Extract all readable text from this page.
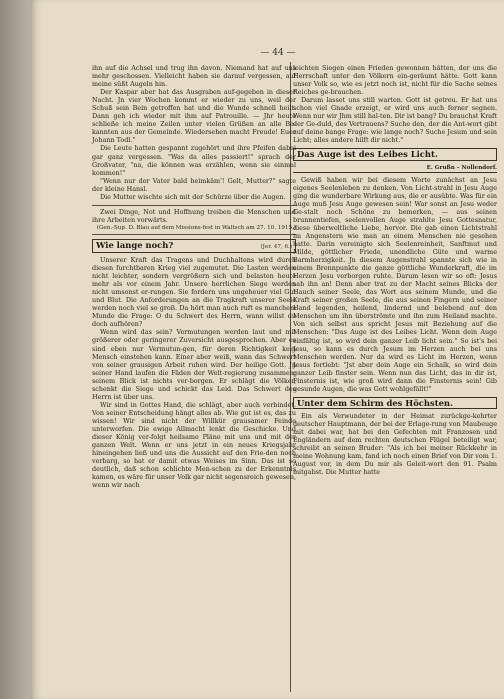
— 44 —

ihn auf die Achsel und trug ihn davon. Niemand hat auf uns mehr geschossen. Vielleicht haben sie darauf vergessen, auf meine süßt Augeln hin.

Der Kaspar aber hat das Ausgraben auf-gegeben in dieser Nacht. Jn vier Wochen kommt er wieder zu uns, weil der Schuß sein Bein getroffen hat und die Wunde schnell heilt. Dann geh ich wieder mit ihm auf Patrouille. — Jhr heute schließe ich meine Zeilen unter vielen Grüßen an alle Be-kannten aus der Gemeinde. Wiedersehen macht Freude! Euer Johann Todl."

Die Leute hatten gespannt zugehört und ihre Pfeifen dabei gar ganz vergessen. "Was da alles passiert!" sprach der Großvater, "na, die können was erzählen, wenn sie einmal kommen!"

"Wenn nur der Vater bald heimkäm'! Gelt, Mutter?" sagte der kleine Hansl.

Die Mutter wischte sich mit der Schürze über die Augen.

Zwei Dinge, Not und Hoffnung treiben die Menschen und ihre Arbeiten vorwärts.

(Gen.-Sup. D. Blau auf dem Missions-fest in Waltsch am 27. 10. 1915.)
Wie lange noch?	(Jer. 47, 6.)

Unserer Kraft das Tragens und Duchhaltens wird durch diesen furchtbaren Krieg viel zugemutet. Die Lasten werden nicht leichter, sondern vergrößern sich und belasten heute mehr als vor einem Jahr. Unsere herrlichen Siege werden nicht umsonst er-rungen. Sie fordern uns ungeheuer viel Gut und Blut. Die Anforderungen an die Tragkraft unserer Seele werden noch viel so groß. Da hört man auch ruft es manchem Munde die Frage: O du Schwert des Herrn, wann willst du doch aufhören?

Wenn wird das sein? Vermutungen werden laut und mit größerer oder geringerer Zuversicht ausgesprochen. Aber es sind eben nur Vermutun-gen, für deren Richtigkeit kein Mensch einstehen kann. Einer aber weiß, wann das Schwert von seiner grausigen Arbeit ruhen wird. Der heilige Gott. Jn seiner Hand laufen die Fäden der Welt-regierung zusammen; seinem Blick ist nichts ver-borgen. Er schlägt die Völker, schenkt die Siege und schickt das Leid. Das Schwert des Herrn ist über uns.

Wir sind in Gottes Hand, die schlägt, aber auch verbindet. Von seiner Entscheidung hängt alles ab. Wie gut ist es, das zu wissen! Wir sind nicht der Willkür grausamer Feinde unterworfen. Die ewige Allmacht lenkt die Geschicke. Und dieser König ver-folgt heilsame Pläne mit uns und mit der ganzen Welt. Wenn er uns jetzt in ein neues Kriegsjahr hineingehen ließ und uns die Aussicht auf den Frie-den noch verbarg, so hat er damit etwas Weises im Sinn. Das ist so deutlich, daß schon schlichte Men-schen zu der Erkenntnis kamen, es wäre für unser Volk gar nicht segensreich gewesen, wenn wir nach

leichten Siegen einen Frieden gewonnen hätten, der uns die Herrschaft unter den Völkern ein-geräumt hätte. Gott kann unser Volk so, wie es jetzt noch ist, nicht für die Sache seines Reiches ge-brauchen.

Darum lasset uns still warten. Gott ist getreu. Er hat uns schon viel Gnade erzeigt, er wird uns auch ferner segnen. Wenn nur wir Jhm still hal-ten. Dir ist bang? Du brauchst Kraft der Ge-duld, des Vertrauens? Suche den, der die Ant-wort gibt auf deine bange Frage: wie lange noch? Suche Jesum und sein Licht; alles andere hilft dir nicht."

Das Auge ist des Leibes Licht.
E. Grußn – Nollendorf.

Gewiß haben wir bei diesem Worte zunächst an Jesu eigenes Seelenleben zu denken. Von Licht-strahl in Jesu Auge ging die wunderbare Wirkung aus, die er ausübte. Was für ein Auge muß Jesu Auge gewesen sein! War sonst an Jesu weder Ge-stalt noch Schöne zu bemerken, — aus seinen brunnentiefen, seelenvollen Auge strahlte Jesu Gottesnatur, diese überweltliche Liebe, hervor. Die gab einen Lichtstrahl im Angenstern wie man an einem Menschen nie gesehen hatte. Darin vereinigte sich Seelenreinheit, Sanftmut und Milde, göttlicher Friede, unendliche Güte und warme Barmherzigkeit. Jn diesem Augenstrahl spannte sich wie in einem Brennpunkte die ganze göttliche Wunderkraft, die im Herzen Jesu verborgen ruhte. Darum lesen wir so oft: Jesus sah ihn an! Denn aber trat zu der Macht seines Blicks der Hauch seiner Seele, das Wort aus seinem Munde, und die Kraft seiner großen Seele, die aus seinen Fingern und seiner Hand legenden, heilend, lindernd und belebend auf den Menschen um ihn überströmte und ihn zum Heiland machte. Von sich selbst aus spricht Jesus mit Beziehung auf die Menschen: "Das Auge ist des Leibes Licht. Wenn dein Auge einfältig ist, so wird dein ganzer Leib licht sein." So ist's bei Jesu, so kann es durch Jesum im Herzen auch bei uns Menschen werden. Nur da wird es Licht im Herzen, wenn Jesus fortlebt: "Jst aber dein Auge ein Schalk, so wird dein ganzer Leib finster sein. Wenn nun das Licht, das in dir ist, Finsternis ist, wie groß wird dann die Finsternis sein! Gib gesunde Augen, die was Gott wohlgefällt!"

Unter dem Schirm des Höchsten.

Ein als Verwundeter in der Heimat zurückge-kehrter deutscher Hauptmann, der bei der Erlage-rung von Maubeuge mit dabei war, hat bei den Gefechten mit Franzosen und Engländern auf dem rechten deutschen Flügel beteiligt war, schreibt an seinen Bruder: "Als ich bei meiner Rückkehr in meine Wohnung kam, fand ich noch einen Brief von Dir vom 1. August vor, in dem Du mir als Geleit-wort den 91. Psalm mitgabst. Die Mutter hatte
